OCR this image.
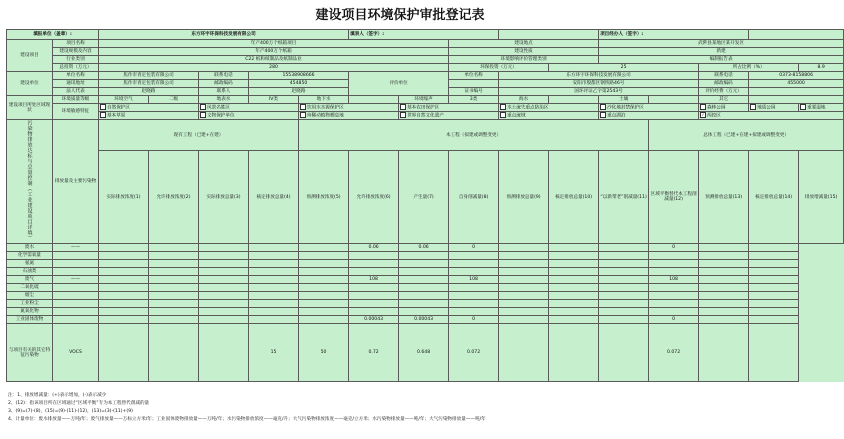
建设项目环境保护审批登记表
填报单位（盖章）:		东方环宇环保科技发展有限公司					填表人（签字）:					项目经办人（签字）:				
建设项目	项目名称	年产400万个纸箱项目							建设地点			武陟县某地区某开发区				
	建设规模及内容	年产400万个纸箱							建设性质			新建				
	行业类别	C22 纸和纸制品及纸制品业							环境影响评价管理类别			编制报告表				
	总投资（万元）	280							环保投资（万元）		25			所占比例（%）		8.9
建设单位	单位名称	焦作市青定包装有限公司		联系电话	15538908666		评价单位		单位名称	东方环宇环保科技发展有限公司				联系电话	0373-8158806	
	通讯地址	焦作市青定包装有限公司		邮政编码	454850					安阳市殷都区钢铁路46号				邮政编码	455000	
	法人代表	赵晓路		联系人	赵晓路				证书编号	国环评证乙字第2543号				评价经费（万元）		
建设项目所处区域现状	环境质量等级	环境空气	二级	地表水	IV类	地下水		环境噪声	3类	海水		土壤		其它		
	环境敏感特征	自然保护区		风景名胜区		饮用水水源保护区		基本农田保护区		水土流失重点防治区		沙化地封禁保护区		森林公园	地质公园	重要湿地
		基本草原		文物保护单位		珍稀动植物栖息地		世界自然文化遗产		重点流域		重点湖泊		✓ 两控区		
污染物排放达标与总量控制（工业建设项目详填）	排放量及主要污染物	现有工程（已建+在建）				本工程（拟建或调整变更）							总体工程（已建+在建+拟建或调整变更）			
		实际排放浓度(1)	允许排放浓度(2)	实际排放总量(3)	核定排放总量(4)	预测排放浓度(5)	允许排放浓度(6)	产生量(7)	自身削减量(8)	预测排放总量(9)	核定排放总量(10)	“以新带老”削减量(11)	区域平衡替代本工程削减量(12)	预测排放总量(13)	核定排放总量(14)	排放增减量(15)
废水	——						0.06	0.06	0				0			
化学需氧量																
氨氮																
石油类																
废气	——						108		108				108			
二氧化硫																
烟尘																
工业粉尘																
氮氧化物																
工业固体废物							0.00043	0.00043	0				0			
与项目有关的其它特征污染物	VOCS				15	50	0.72	0.648	0.072				0.072			
注：1、排放增减量：(+)表示增加，(-)表示减少
2、(12)：指该项目所在区域通过“区域平衡”专为本工程替代削减的量
3、(9)=(7)-(8)，(15)=(9)-(11)-(12)，(13)=(3)-(11)+(9)
4、计量单位：废水排放量——万吨/年；废气排放量——万标立方米/年；工业固体废物排放量——万吨/年；水污染物排放浓度——毫克/升；大气污染物排放浓度——毫克/立方米；水污染物排放量——吨/年；大气污染物排放量——吨/年
